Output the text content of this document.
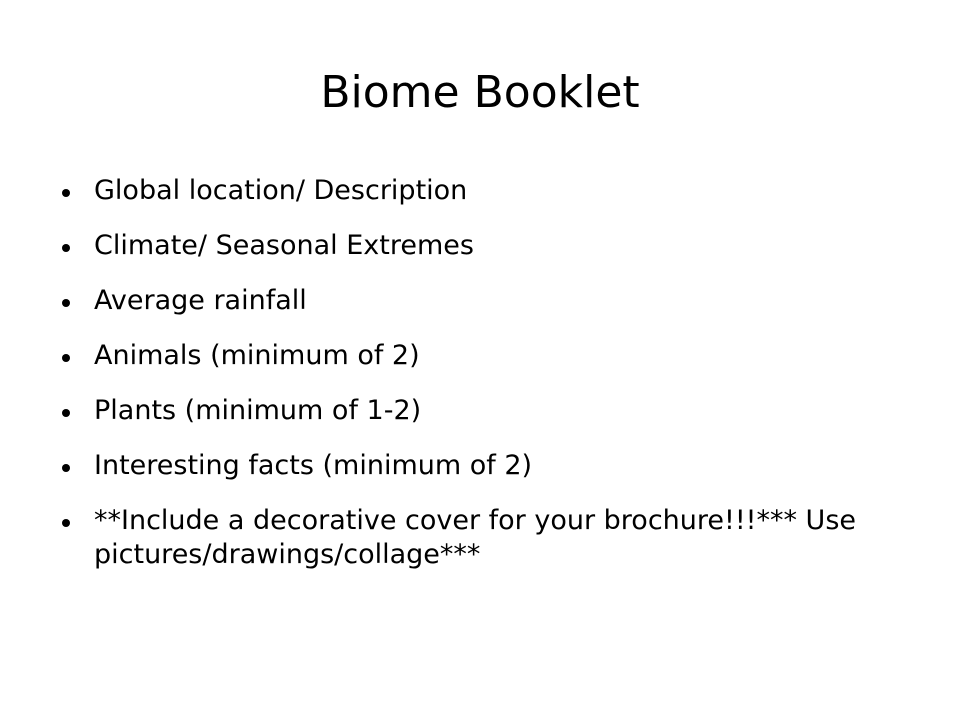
Biome Booklet
Global location/ Description
Climate/ Seasonal Extremes
Average rainfall
Animals (minimum of 2)
Plants (minimum of 1-2)
Interesting facts (minimum of 2)
**Include a decorative cover for your brochure!!!*** Use pictures/drawings/collage***
